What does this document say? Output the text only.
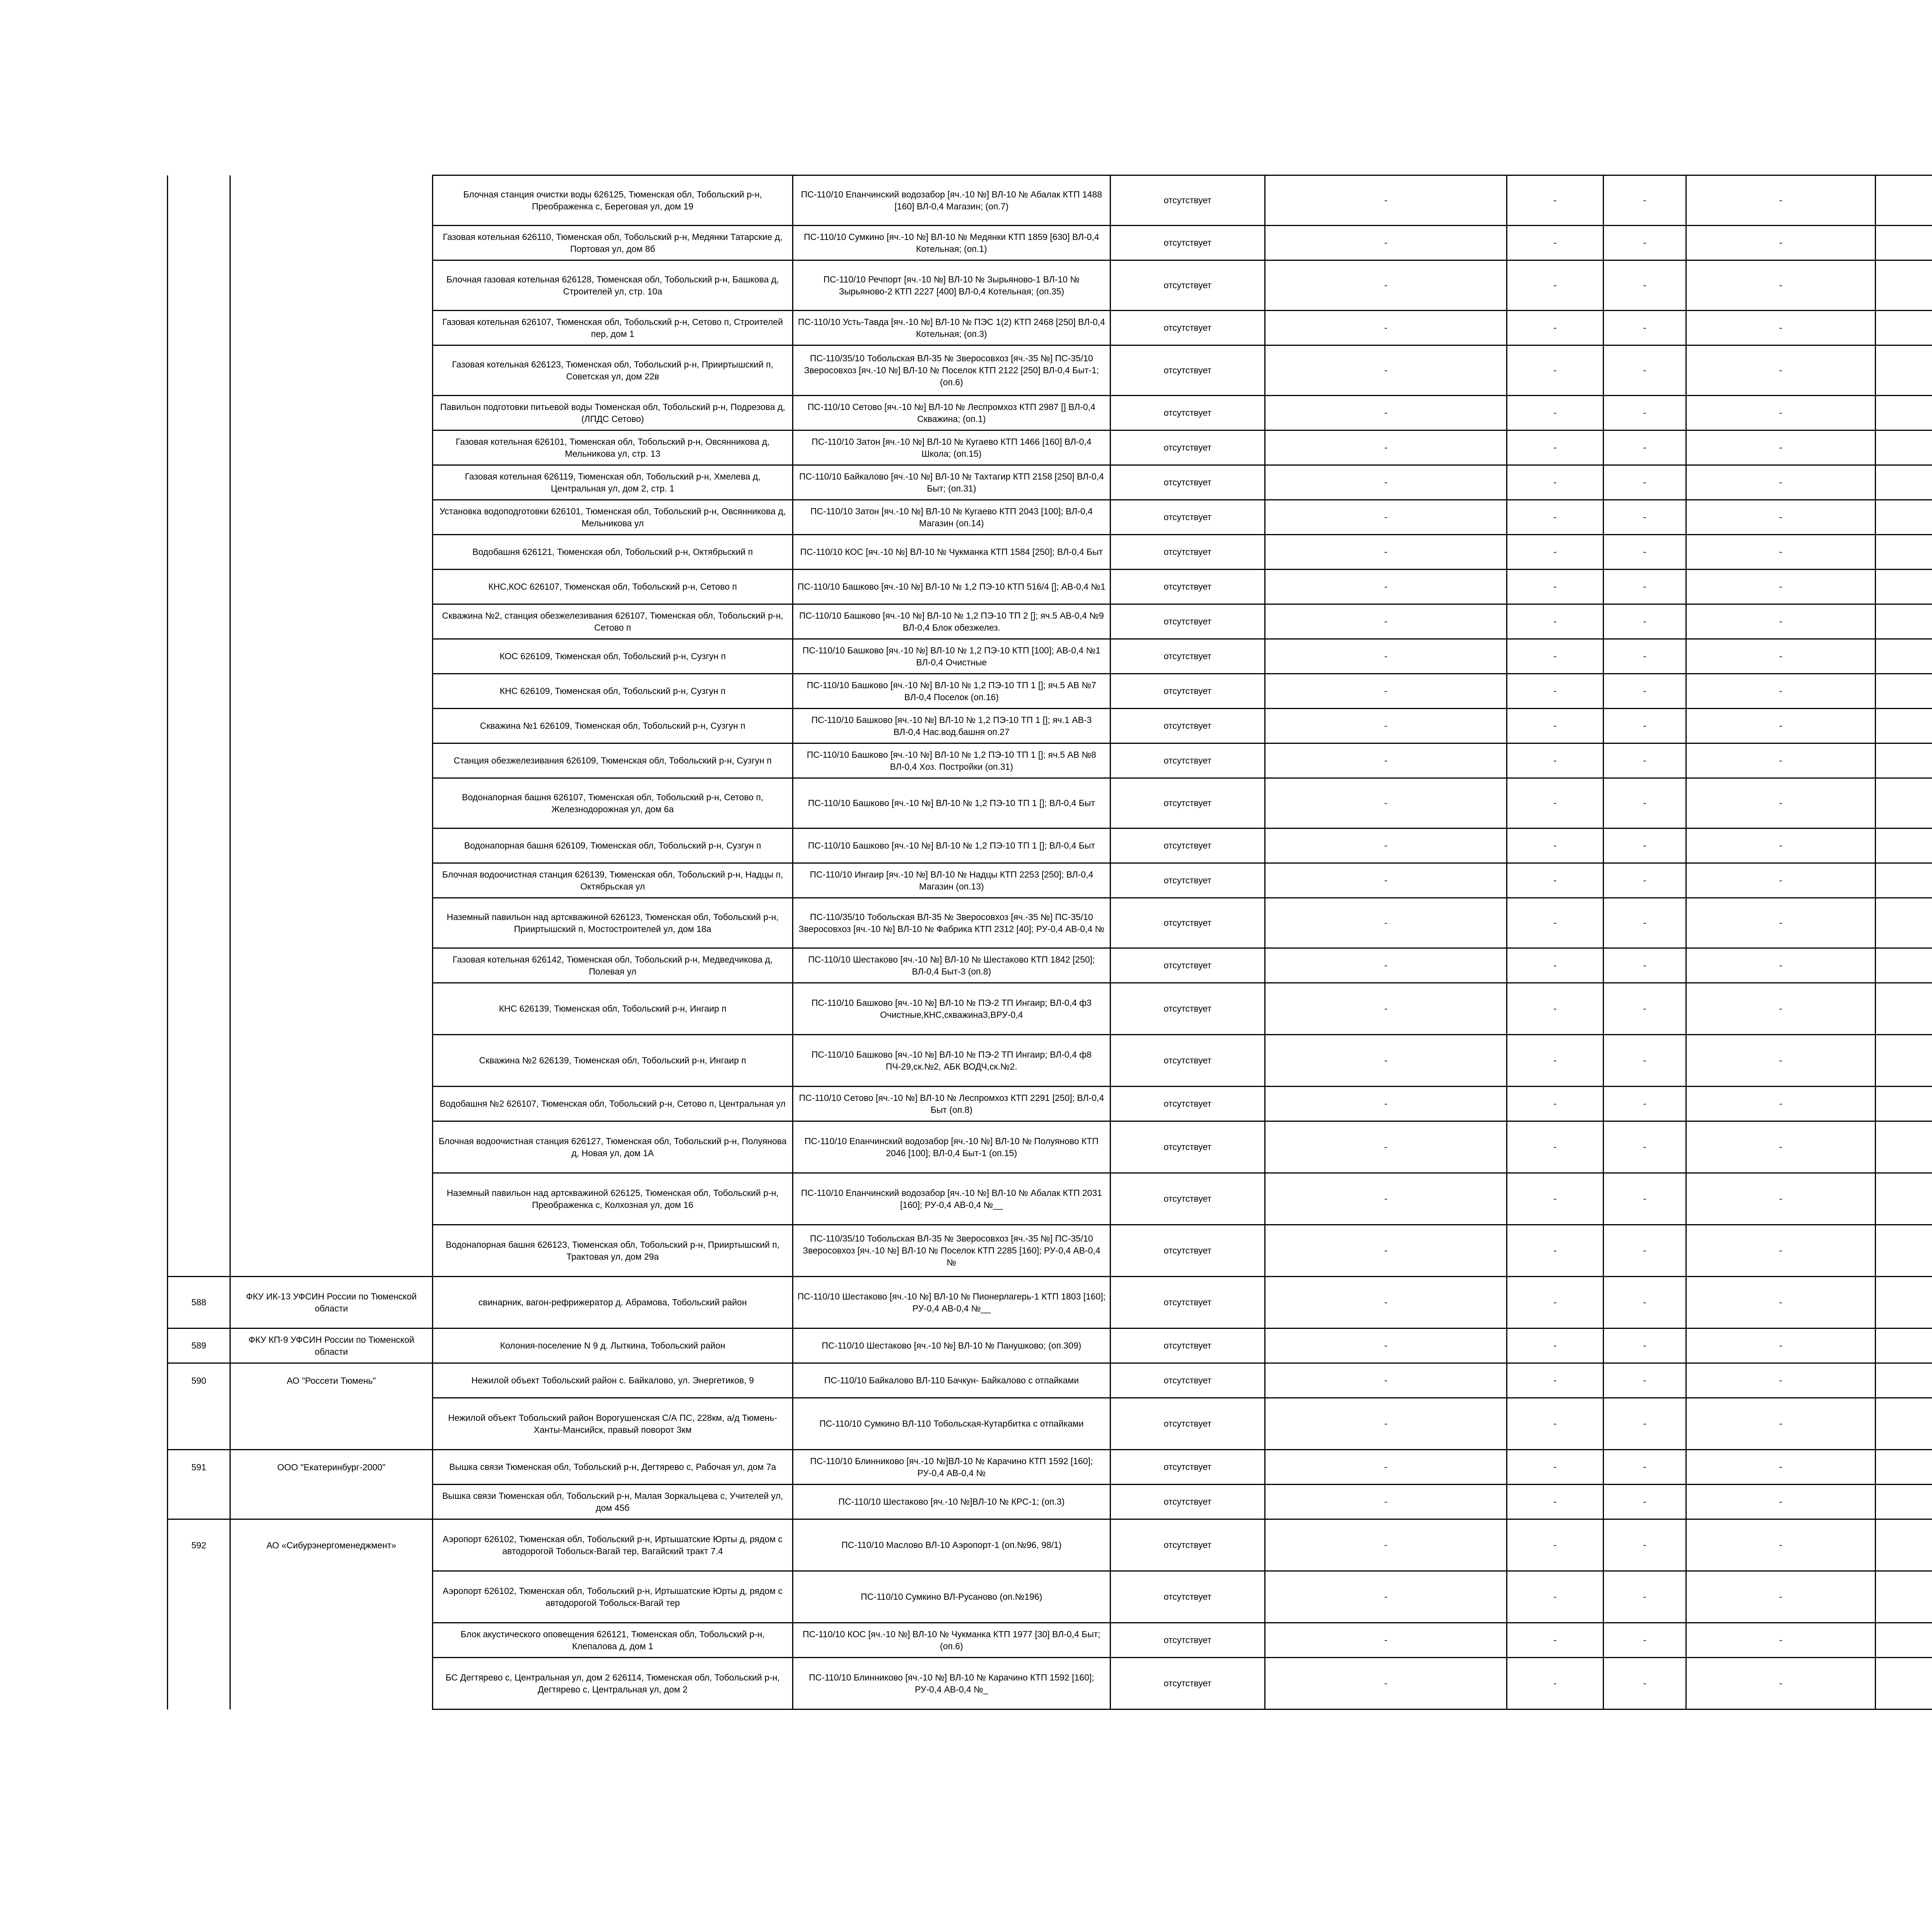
		Блочная станция очистки воды 626125, Тюменская обл, Тобольский р-н, Преображенка с, Береговая ул, дом 19	ПС-110/10 Епанчинский водозабор [яч.-10 №] ВЛ-10 № Абалак КТП 1488 [160] ВЛ-0,4 Магазин; (оп.7)	отсутствует	-	-	-	-		
		Газовая котельная 626110, Тюменская обл, Тобольский р-н, Медянки Татарские д, Портовая ул, дом 8б	ПС-110/10 Сумкино [яч.-10 №] ВЛ-10 № Медянки КТП 1859 [630] ВЛ-0,4 Котельная; (оп.1)	отсутствует	-	-	-	-		
		Блочная газовая котельная 626128, Тюменская обл, Тобольский р-н, Башкова д, Строителей ул, стр. 10а	ПС-110/10 Речпорт [яч.-10 №] ВЛ-10 № Зырьяново-1 ВЛ-10 № Зырьяново-2 КТП 2227 [400] ВЛ-0,4 Котельная; (оп.35)	отсутствует	-	-	-	-		
		Газовая котельная 626107, Тюменская обл, Тобольский р-н, Сетово п, Строителей пер, дом 1	ПС-110/10 Усть-Тавда [яч.-10 №] ВЛ-10 № ПЭС 1(2) КТП 2468 [250] ВЛ-0,4 Котельная; (оп.3)	отсутствует	-	-	-	-		
		Газовая котельная 626123, Тюменская обл, Тобольский р-н, Прииртышский п, Советская ул, дом 22в	ПС-110/35/10 Тобольская ВЛ-35 № Зверосовхоз [яч.-35 №] ПС-35/10 Зверосовхоз [яч.-10 №] ВЛ-10 № Поселок КТП 2122 [250] ВЛ-0,4 Быт-1; (оп.6)	отсутствует	-	-	-	-		
		Павильон подготовки питьевой воды Тюменская обл, Тобольский р-н, Подрезова д, (ЛПДС Сетово)	ПС-110/10 Сетово [яч.-10 №] ВЛ-10 № Леспромхоз КТП 2987 [] ВЛ-0,4 Скважина; (оп.1)	отсутствует	-	-	-	-		
		Газовая котельная 626101, Тюменская обл, Тобольский р-н, Овсянникова д, Мельникова ул, стр. 13	ПС-110/10 Затон [яч.-10 №] ВЛ-10 № Кугаево КТП 1466 [160] ВЛ-0,4 Школа; (оп.15)	отсутствует	-	-	-	-		
		Газовая котельная 626119, Тюменская обл, Тобольский р-н, Хмелева д, Центральная ул, дом 2, стр. 1	ПС-110/10 Байкалово [яч.-10 №] ВЛ-10 № Тахтагир КТП 2158 [250] ВЛ-0,4 Быт; (оп.31)	отсутствует	-	-	-	-		
		Установка водоподготовки 626101, Тюменская обл, Тобольский р-н, Овсянникова д, Мельникова ул	ПС-110/10 Затон [яч.-10 №] ВЛ-10 № Кугаево КТП 2043 [100]; ВЛ-0,4 Магазин (оп.14)	отсутствует	-	-	-	-		
		Водобашня 626121, Тюменская обл, Тобольский р-н, Октябрьский п	ПС-110/10 КОС [яч.-10 №] ВЛ-10 № Чукманка КТП 1584 [250]; ВЛ-0,4 Быт	отсутствует	-	-	-	-		
		КНС,КОС 626107, Тюменская обл, Тобольский р-н, Сетово п	ПС-110/10 Башково [яч.-10 №] ВЛ-10 № 1,2 ПЭ-10 КТП 516/4 []; АВ-0,4 №1	отсутствует	-	-	-	-		
		Скважина №2, станция обезжелезивания 626107, Тюменская обл, Тобольский р-н, Сетово п	ПС-110/10 Башково [яч.-10 №] ВЛ-10 № 1,2 ПЭ-10 ТП 2 []; яч.5 АВ-0,4 №9 ВЛ-0,4 Блок обезжелез.	отсутствует	-	-	-	-		
		КОС 626109, Тюменская обл, Тобольский р-н, Сузгун п	ПС-110/10 Башково [яч.-10 №] ВЛ-10 № 1,2 ПЭ-10 КТП [100]; АВ-0,4 №1 ВЛ-0,4 Очистные	отсутствует	-	-	-	-		
		КНС 626109, Тюменская обл, Тобольский р-н, Сузгун п	ПС-110/10 Башково [яч.-10 №] ВЛ-10 № 1,2 ПЭ-10 ТП 1 []; яч.5 АВ №7 ВЛ-0,4 Поселок (оп.16)	отсутствует	-	-	-	-		
		Скважина №1 626109, Тюменская обл, Тобольский р-н, Сузгун п	ПС-110/10 Башково [яч.-10 №] ВЛ-10 № 1,2 ПЭ-10 ТП 1 []; яч.1 АВ-3 ВЛ-0,4 Нас.вод.башня оп.27	отсутствует	-	-	-	-		
		Станция обезжелезивания 626109, Тюменская обл, Тобольский р-н, Сузгун п	ПС-110/10 Башково [яч.-10 №] ВЛ-10 № 1,2 ПЭ-10 ТП 1 []; яч.5 АВ №8 ВЛ-0,4 Хоз. Постройки (оп.31)	отсутствует	-	-	-	-		
		Водонапорная башня 626107, Тюменская обл, Тобольский р-н, Сетово п, Железнодорожная ул, дом 6а	ПС-110/10 Башково [яч.-10 №] ВЛ-10 № 1,2 ПЭ-10 ТП 1 []; ВЛ-0,4 Быт	отсутствует	-	-	-	-		
		Водонапорная башня 626109, Тюменская обл, Тобольский р-н, Сузгун п	ПС-110/10 Башково [яч.-10 №] ВЛ-10 № 1,2 ПЭ-10 ТП 1 []; ВЛ-0,4 Быт	отсутствует	-	-	-	-		
		Блочная водоочистная станция 626139, Тюменская обл, Тобольский р-н, Надцы п, Октябрьская ул	ПС-110/10 Ингаир [яч.-10 №] ВЛ-10 № Надцы КТП 2253 [250]; ВЛ-0,4 Магазин (оп.13)	отсутствует	-	-	-	-		
		Наземный павильон над артскважиной 626123, Тюменская обл, Тобольский р-н, Прииртышский п, Мостостроителей ул, дом 18а	ПС-110/35/10 Тобольская ВЛ-35 № Зверосовхоз [яч.-35 №] ПС-35/10 Зверосовхоз [яч.-10 №] ВЛ-10 № Фабрика КТП 2312 [40]; РУ-0,4 АВ-0,4 №	отсутствует	-	-	-	-		
		Газовая котельная 626142, Тюменская обл, Тобольский р-н, Медведчикова д, Полевая ул	ПС-110/10 Шестаково [яч.-10 №] ВЛ-10 № Шестаково КТП 1842 [250]; ВЛ-0,4 Быт-3 (оп.8)	отсутствует	-	-	-	-		
		КНС 626139, Тюменская обл, Тобольский р-н, Ингаир п	ПС-110/10 Башково [яч.-10 №] ВЛ-10 № ПЭ-2 ТП Ингаир; ВЛ-0,4 ф3 Очистные,КНС,скважина3,ВРУ-0,4	отсутствует	-	-	-	-		
		Скважина №2 626139, Тюменская обл, Тобольский р-н, Ингаир п	ПС-110/10 Башково [яч.-10 №] ВЛ-10 № ПЭ-2 ТП Ингаир; ВЛ-0,4 ф8 ПЧ-29,ск.№2, АБК ВОДЧ,ск.№2.	отсутствует	-	-	-	-		
		Водобашня №2 626107, Тюменская обл, Тобольский р-н, Сетово п, Центральная ул	ПС-110/10 Сетово [яч.-10 №] ВЛ-10 № Леспромхоз КТП 2291 [250]; ВЛ-0,4 Быт (оп.8)	отсутствует	-	-	-	-		
		Блочная водоочистная станция 626127, Тюменская обл, Тобольский р-н, Полуянова д, Новая ул, дом 1А	ПС-110/10 Епанчинский водозабор [яч.-10 №] ВЛ-10 № Полуяново КТП 2046 [100]; ВЛ-0,4 Быт-1 (оп.15)	отсутствует	-	-	-	-		
		Наземный павильон над артскважиной 626125, Тюменская обл, Тобольский р-н, Преображенка с, Колхозная ул, дом 16	ПС-110/10 Епанчинский водозабор [яч.-10 №] ВЛ-10 № Абалак КТП 2031 [160]; РУ-0,4 АВ-0,4 №__	отсутствует	-	-	-	-		
		Водонапорная башня 626123, Тюменская обл, Тобольский р-н, Прииртышский п, Трактовая ул, дом 29а	ПС-110/35/10 Тобольская ВЛ-35 № Зверосовхоз [яч.-35 №] ПС-35/10 Зверосовхоз [яч.-10 №] ВЛ-10 № Поселок КТП 2285 [160]; РУ-0,4 АВ-0,4 №	отсутствует	-	-	-	-		
588	ФКУ ИК-13 УФСИН России по Тюменской области	свинарник, вагон-рефрижератор д. Абрамова, Тобольский район	ПС-110/10 Шестаково [яч.-10 №] ВЛ-10 № Пионерлагерь-1 КТП 1803 [160]; РУ-0,4 АВ-0,4 №__	отсутствует	-	-	-	-		
589	ФКУ КП-9 УФСИН России по Тюменской области	Колония-поселение N 9 д. Лыткина, Тобольский район	ПС-110/10 Шестаково [яч.-10 №] ВЛ-10 № Панушково; (оп.309)	отсутствует	-	-	-	-		
590	АО "Россети Тюмень"	Нежилой объект Тобольский район с. Байкалово, ул. Энергетиков, 9	ПС-110/10 Байкалово ВЛ-110 Бачкун- Байкалово с отпайками	отсутствует	-	-	-	-		
		Нежилой объект Тобольский район Ворогушенская С/А ПС, 228км, а/д Тюмень-Ханты-Мансийск, правый поворот 3км	ПС-110/10 Сумкино ВЛ-110 Тобольская-Кутарбитка с отпайками	отсутствует	-	-	-	-		
591	ООО "Екатеринбург-2000"	Вышка связи Тюменская обл, Тобольский р-н, Дегтярево с, Рабочая ул, дом 7а	ПС-110/10 Блинниково [яч.-10 №]ВЛ-10 № Карачино КТП 1592 [160]; РУ-0,4 АВ-0,4 №	отсутствует	-	-	-	-		
		Вышка связи Тюменская обл, Тобольский р-н, Малая Зоркальцева с, Учителей ул, дом 45б	ПС-110/10 Шестаково [яч.-10 №]ВЛ-10 № КРС-1; (оп.3)	отсутствует	-	-	-	-		
592	АО «Сибурэнергоменеджмент»	Аэропорт 626102, Тюменская обл, Тобольский р-н, Иртышатские Юрты д, рядом с автодорогой Тобольск-Вагай тер, Вагайский тракт 7.4	ПС-110/10 Маслово ВЛ-10 Аэропорт-1 (оп.№96, 98/1)	отсутствует	-	-	-	-		
		Аэропорт 626102, Тюменская обл, Тобольский р-н, Иртышатские Юрты д, рядом с автодорогой Тобольск-Вагай тер	ПС-110/10 Сумкино ВЛ-Русаново (оп.№196)	отсутствует	-	-	-	-		
		Блок акустического оповещения 626121, Тюменская обл, Тобольский р-н, Клепалова д, дом 1	ПС-110/10 КОС [яч.-10 №] ВЛ-10 № Чукманка КТП 1977 [30] ВЛ-0,4 Быт; (оп.6)	отсутствует	-	-	-	-		
		БС Дегтярево с, Центральная ул, дом 2 626114, Тюменская обл, Тобольский р-н, Дегтярево с, Центральная ул, дом 2	ПС-110/10 Блинниково [яч.-10 №] ВЛ-10 № Карачино КТП 1592 [160]; РУ-0,4 АВ-0,4 №_	отсутствует	-	-	-	-		
